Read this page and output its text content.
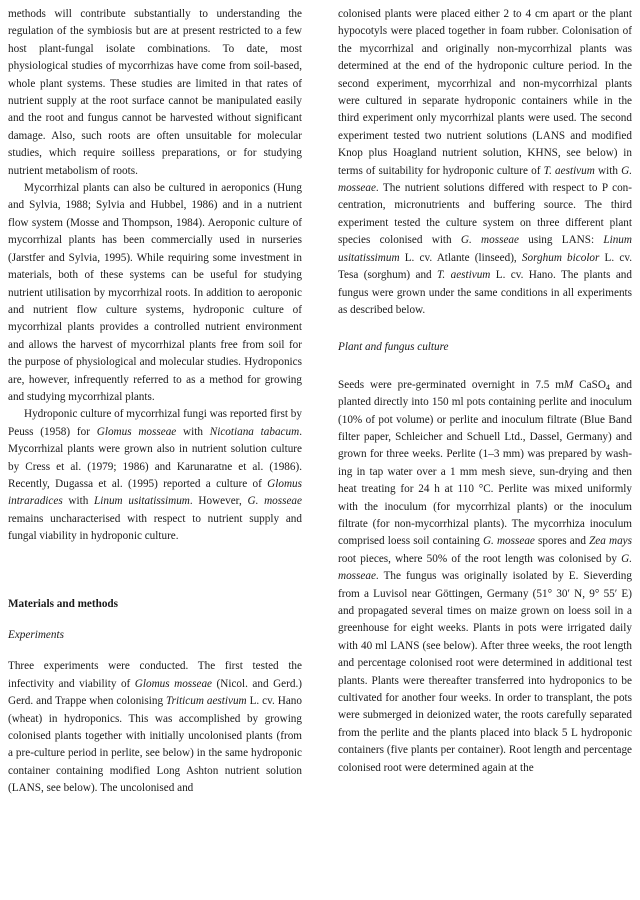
methods will contribute substantially to understanding the regulation of the symbiosis but are at present restricted to a few host plant-fungal isolate combinations. To date, most physiological studies of mycorrhizas have come from soil-based, whole plant systems. These studies are limited in that rates of nutrient supply at the root surface cannot be manipulated easily and the root and fungus cannot be harvested without significant damage. Also, such roots are often unsuitable for molecular studies, which require soilless preparations, or for studying nutrient metabolism of roots.

Mycorrhizal plants can also be cultured in aeroponics (Hung and Sylvia, 1988; Sylvia and Hubbel, 1986) and in a nutrient flow system (Mosse and Thompson, 1984). Aeroponic culture of mycorrhizal plants has been commercially used in nurseries (Jarstfer and Sylvia, 1995). While requiring some investment in materials, both of these systems can be useful for studying nutrient utilisation by mycorrhizal roots. In addition to aeroponic and nutrient flow culture systems, hydroponic culture of mycorrhizal plants provides a controlled nutrient environment and allows the harvest of mycorrhizal plants free from soil for the purpose of physiological and molecular studies. Hydroponics are, however, infrequently referred to as a method for growing and studying mycorrhizal plants.

Hydroponic culture of mycorrhizal fungi was reported first by Peuss (1958) for Glomus mosseae with Nicotiana tabacum. Mycorrhizal plants were grown also in nutrient solution culture by Cress et al. (1979; 1986) and Karunaratne et al. (1986). Recently, Dugassa et al. (1995) reported a culture of Glomus intraradices with Linum usitatissimum. However, G. mosseae remains uncharacterised with respect to nutrient supply and fungal viability in hydroponic culture.

Materials and methods

Experiments

Three experiments were conducted. The first tested the infectivity and viability of Glomus mosseae (Nicol. and Gerd.) Gerd. and Trappe when colonising Triticum aestivum L. cv. Hano (wheat) in hydroponics. This was accomplished by growing colonised plants together with initially uncolonised plants (from a pre-culture period in perlite, see below) in the same hydroponic container containing modified Long Ashton nutrient solution (LANS, see below). The uncolonised and

colonised plants were placed either 2 to 4 cm apart or the plant hypocotyls were placed together in foam rubber. Colonisation of the mycorrhizal and originally non-mycorrhizal plants was determined at the end of the hydroponic culture period. In the second experiment, mycorrhizal and non-mycorrhizal plants were cultured in separate hydroponic containers while in the third experiment only mycorrhizal plants were used. The second experiment tested two nutrient solutions (LANS and modified Knop plus Hoagland nutrient solution, KHNS, see below) in terms of suitability for hydroponic culture of T. aestivum with G. mosseae. The nutrient solutions differed with respect to P concentration, micronutrients and buffering source. The third experiment tested the culture system on three different plant species colonised with G. mosseae using LANS: Linum usitatissimum L. cv. Atlante (linseed), Sorghum bicolor L. cv. Tesa (sorghum) and T. aestivum L. cv. Hano. The plants and fungus were grown under the same conditions in all experiments as described below.

Plant and fungus culture

Seeds were pre-germinated overnight in 7.5 mM CaSO4 and planted directly into 150 ml pots containing perlite and inoculum (10% of pot volume) or perlite and inoculum filtrate (Blue Band filter paper, Schleicher and Schuell Ltd., Dassel, Germany) and grown for three weeks. Perlite (1–3 mm) was prepared by washing in tap water over a 1 mm mesh sieve, sun-drying and then heat treating for 24 h at 110 °C. Perlite was mixed uniformly with the inoculum (for mycorrhizal plants) or the inoculum filtrate (for non-mycorrhizal plants). The mycorrhiza inoculum comprised loess soil containing G. mosseae spores and Zea mays root pieces, where 50% of the root length was colonised by G. mosseae. The fungus was originally isolated by E. Sieverding from a Luvisol near Göttingen, Germany (51° 30′ N, 9° 55′ E) and propagated several times on maize grown on loess soil in a greenhouse for eight weeks. Plants in pots were irrigated daily with 40 ml LANS (see below). After three weeks, the root length and percentage colonised root were determined in additional test plants. Plants were thereafter transferred into hydroponics to be cultivated for another four weeks. In order to transplant, the pots were submerged in deionized water, the roots carefully separated from the perlite and the plants placed into black 5 L hydroponic containers (five plants per container). Root length and percentage colonised root were determined again at the
